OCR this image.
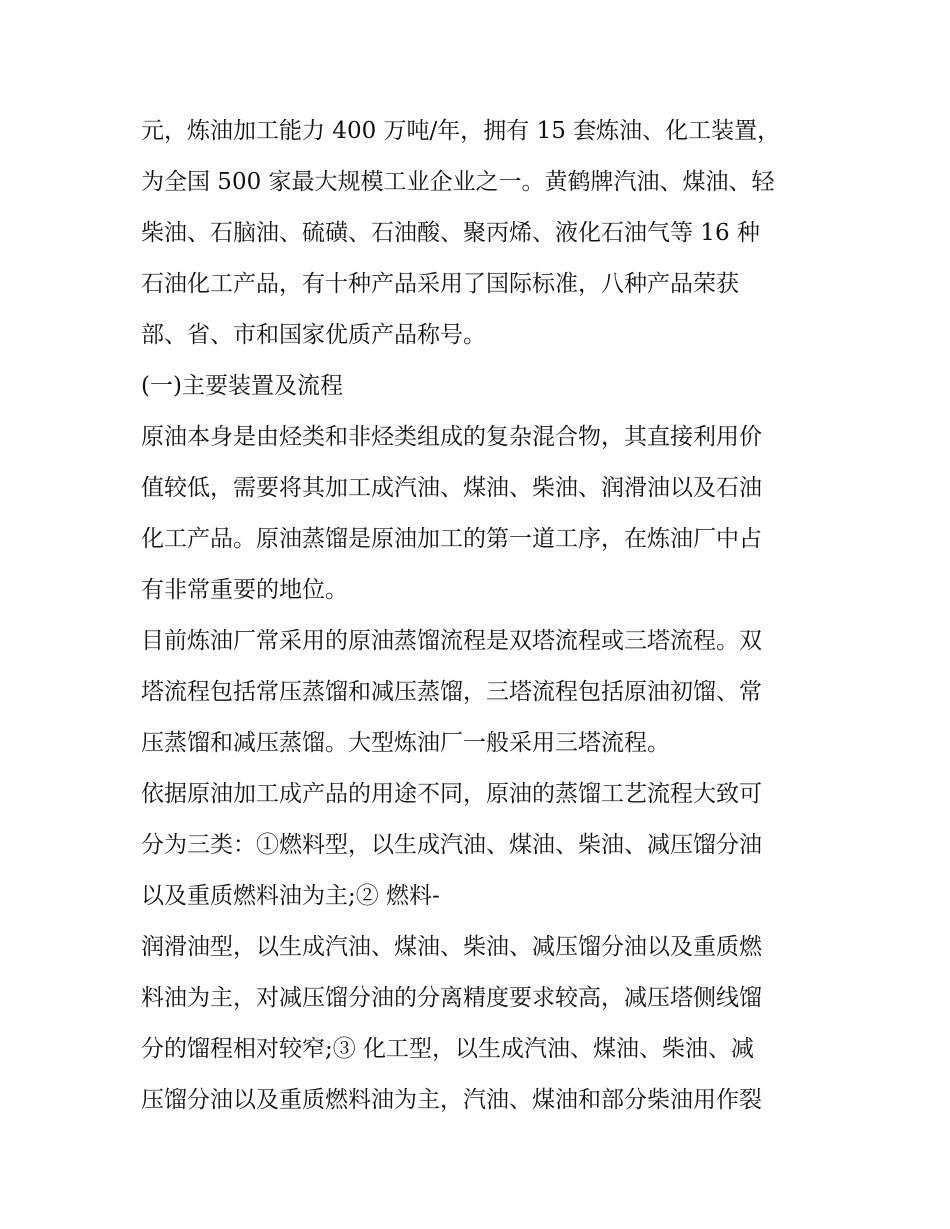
元，炼油加工能力 400 万吨/年，拥有 15 套炼油、化工装置，
为全国 500 家最大规模工业企业之一。黄鹤牌汽油、煤油、轻
柴油、石脑油、硫磺、石油酸、聚丙烯、液化石油气等 16 种
石油化工产品，有十种产品采用了国际标准，八种产品荣获
部、省、市和国家优质产品称号。
(一)主要装置及流程
原油本身是由烃类和非烃类组成的复杂混合物，其直接利用价
值较低，需要将其加工成汽油、煤油、柴油、润滑油以及石油
化工产品。原油蒸馏是原油加工的第一道工序，在炼油厂中占
有非常重要的地位。
目前炼油厂常采用的原油蒸馏流程是双塔流程或三塔流程。双
塔流程包括常压蒸馏和减压蒸馏，三塔流程包括原油初馏、常
压蒸馏和减压蒸馏。大型炼油厂一般采用三塔流程。
依据原油加工成产品的用途不同，原油的蒸馏工艺流程大致可
分为三类：①燃料型，以生成汽油、煤油、柴油、减压馏分油
以及重质燃料油为主;② 燃料-
润滑油型，以生成汽油、煤油、柴油、减压馏分油以及重质燃
料油为主，对减压馏分油的分离精度要求较高，减压塔侧线馏
分的馏程相对较窄;③ 化工型，以生成汽油、煤油、柴油、减
压馏分油以及重质燃料油为主，汽油、煤油和部分柴油用作裂
